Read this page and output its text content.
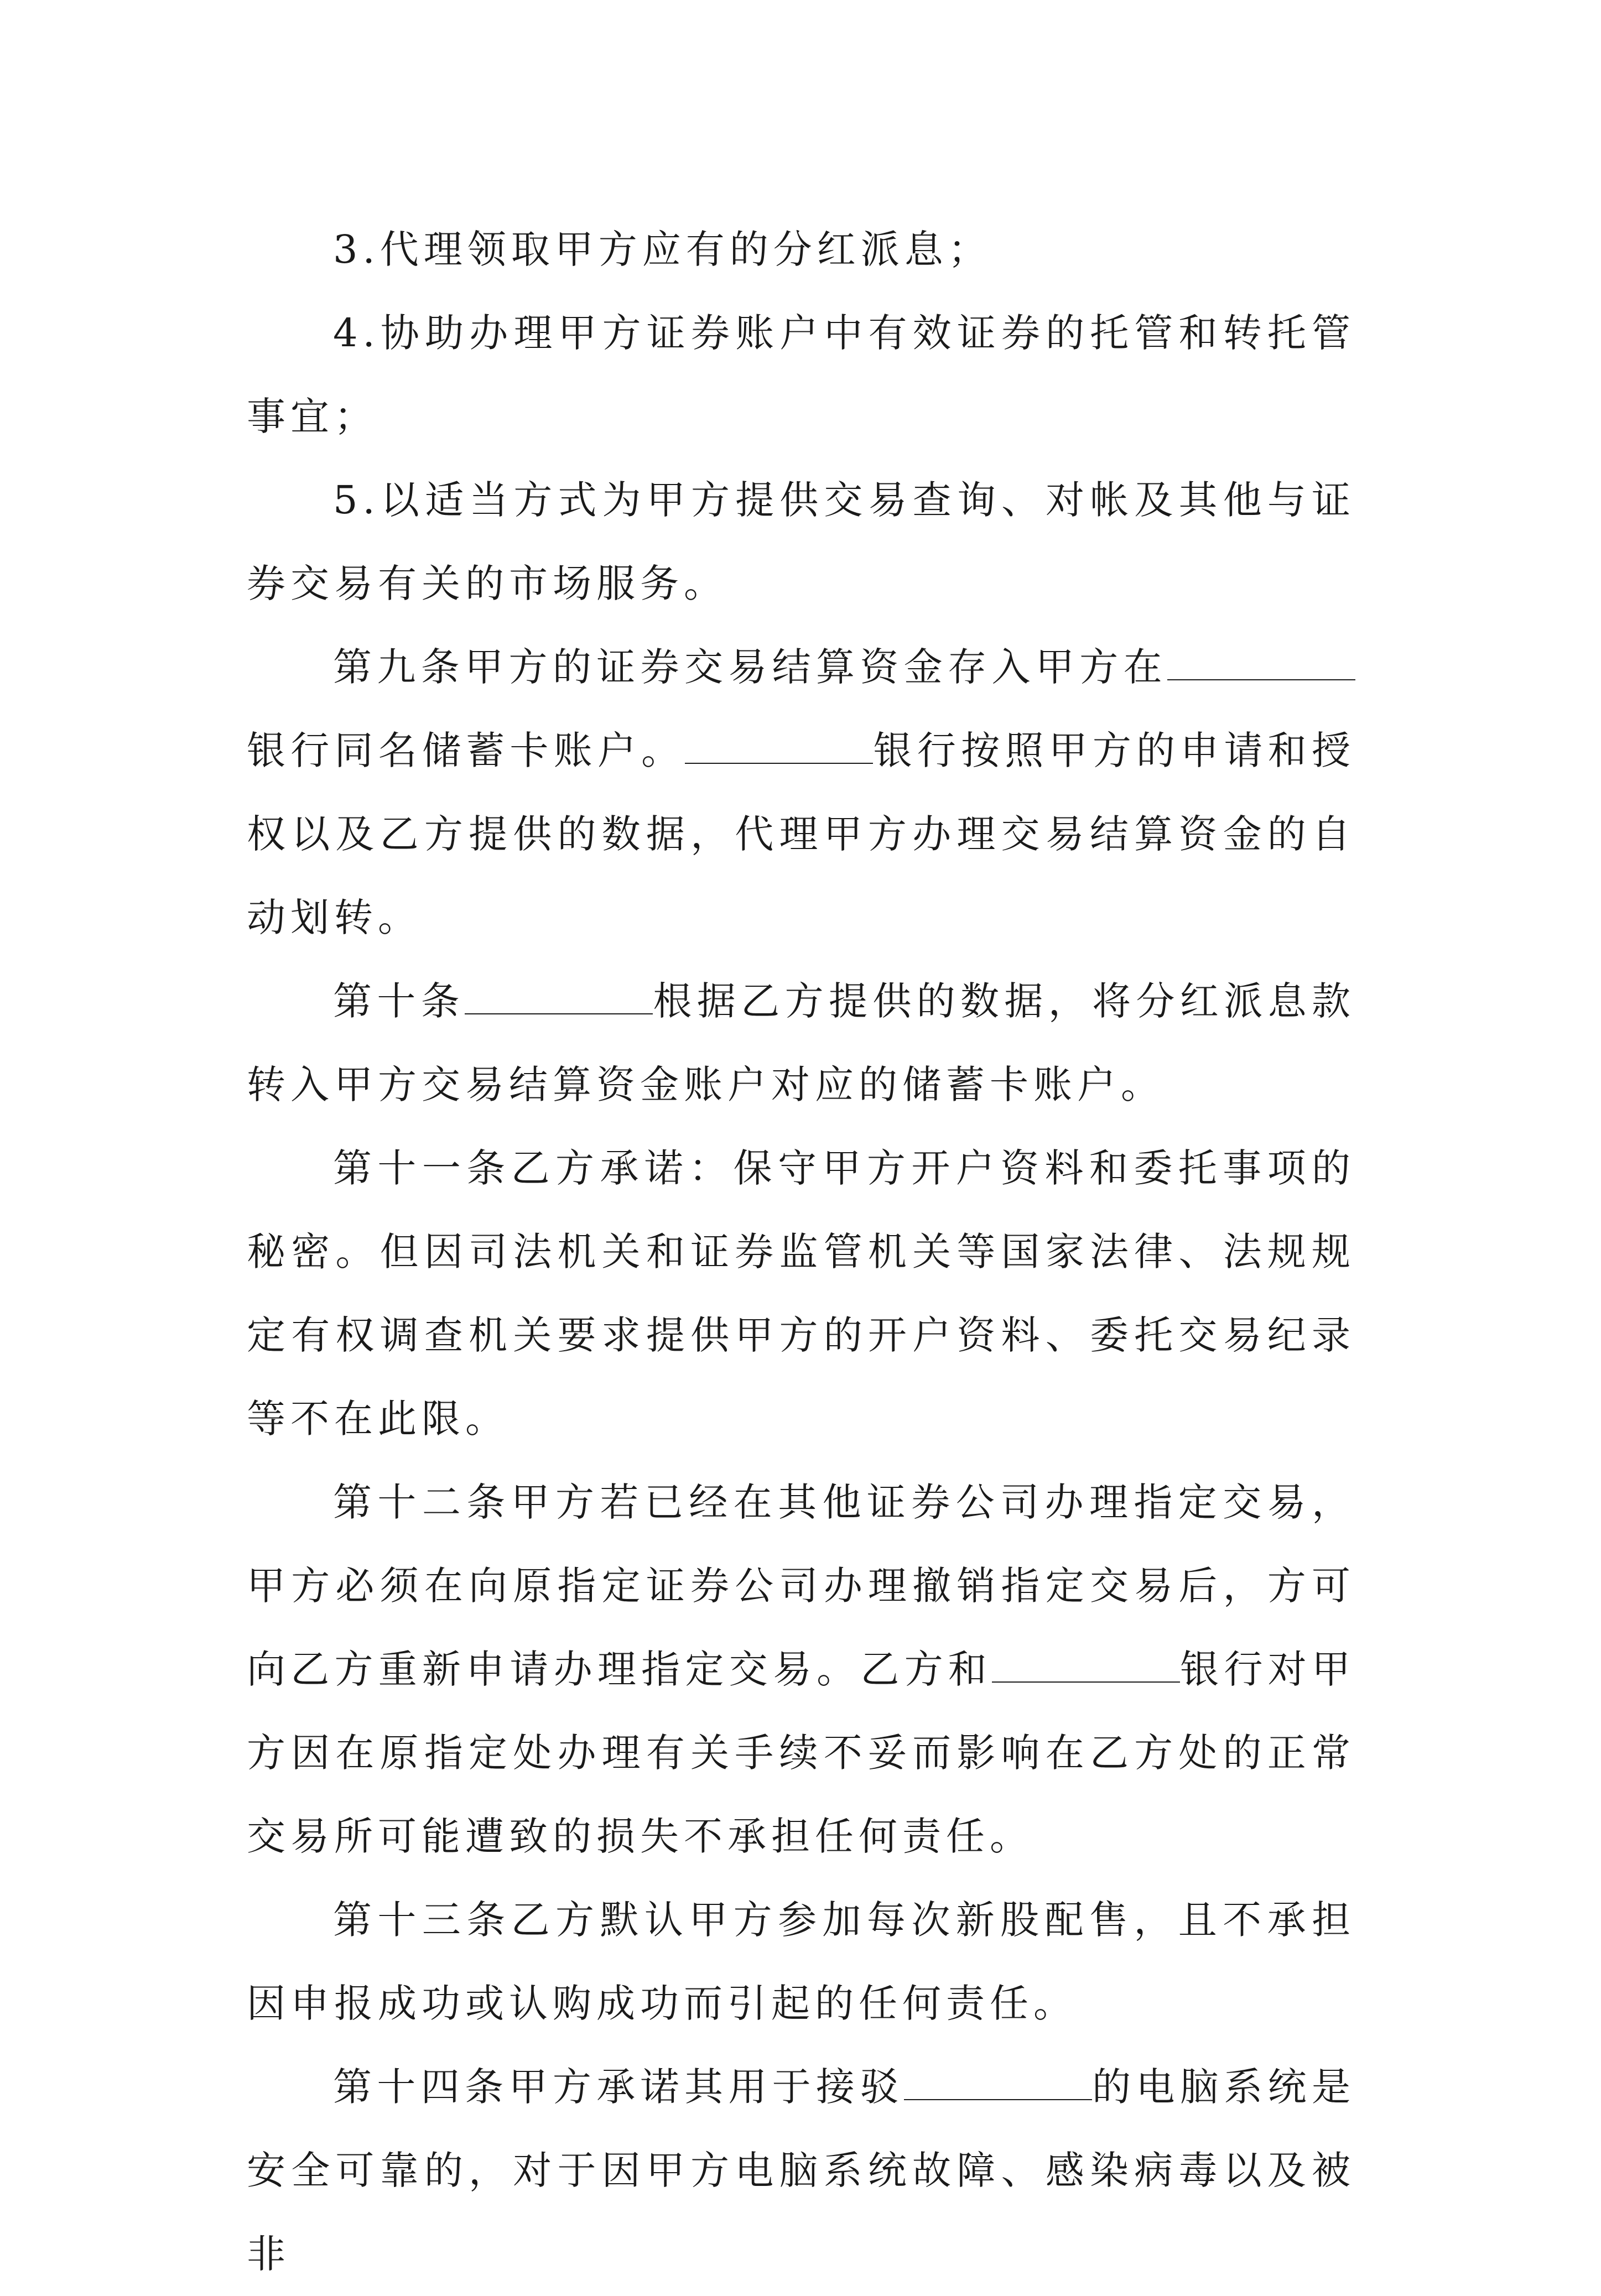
3.代理领取甲方应有的分红派息；

4.协助办理甲方证券账户中有效证券的托管和转托管事宜；

5.以适当方式为甲方提供交易查询、对帐及其他与证券交易有关的市场服务。

第九条甲方的证券交易结算资金存入甲方在银行同名储蓄卡账户。	银行按照甲方的申请和授权以及乙方提供的数据，代理甲方办理交易结算资金的自动划转。

第十条	根据乙方提供的数据，将分红派息款转入甲方交易结算资金账户对应的储蓄卡账户。

第十一条乙方承诺：保守甲方开户资料和委托事项的秘密。但因司法机关和证券监管机关等国家法律、法规规定有权调查机关要求提供甲方的开户资料、委托交易纪录等不在此限。

第十二条甲方若已经在其他证券公司办理指定交易，甲方必须在向原指定证券公司办理撤销指定交易后，方可向乙方重新申请办理指定交易。乙方和	银行对甲方因在原指定处办理有关手续不妥而影响在乙方处的正常交易所可能遭致的损失不承担任何责任。

第十三条乙方默认甲方参加每次新股配售，且不承担因申报成功或认购成功而引起的任何责任。

第十四条甲方承诺其用于接驳	的电脑系统是安全可靠的，对于因甲方电脑系统故障、感染病毒以及被非
